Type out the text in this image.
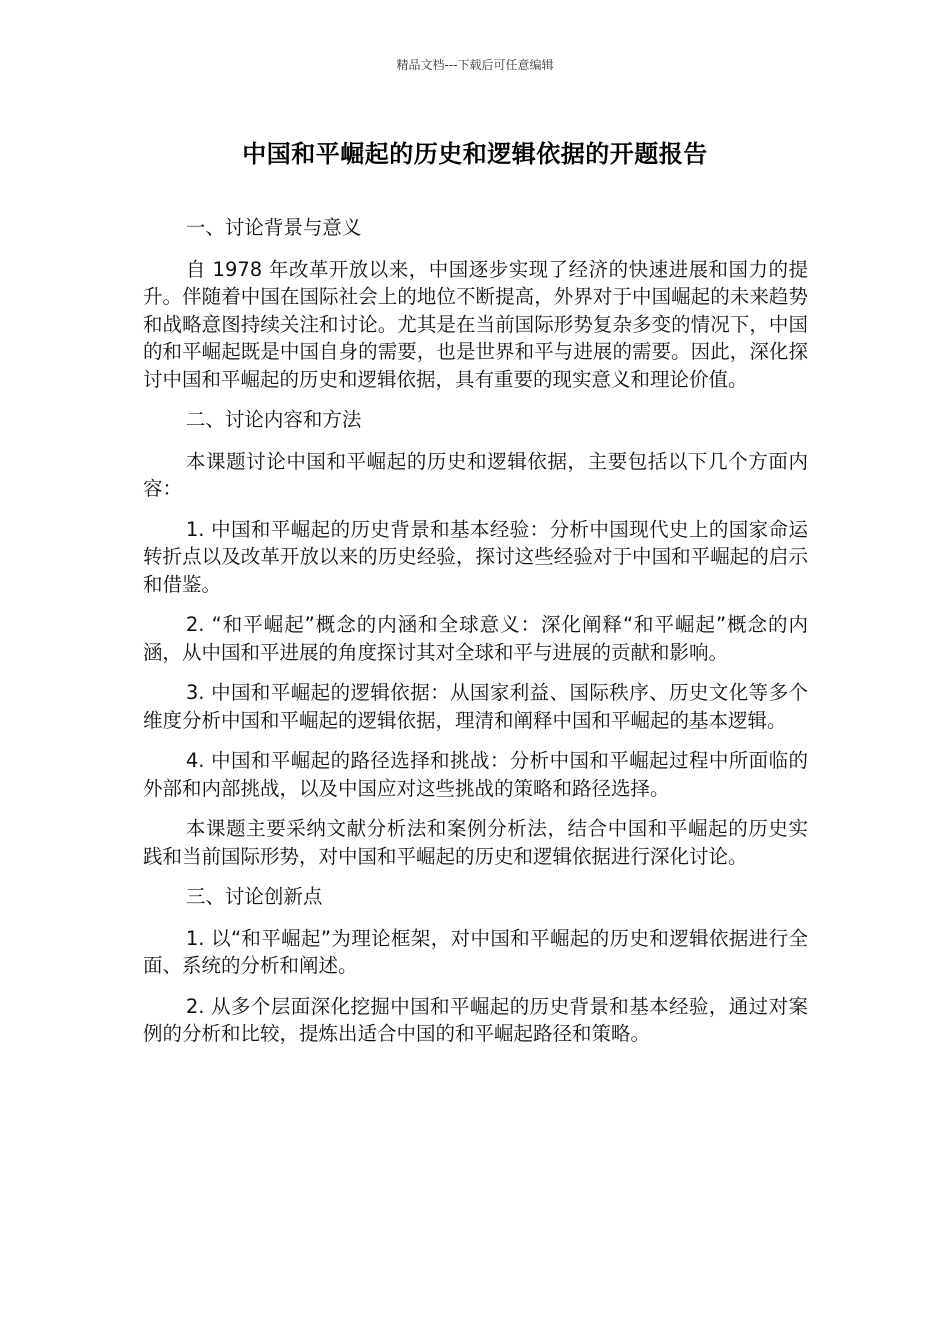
精品文档---下载后可任意编辑
中国和平崛起的历史和逻辑依据的开题报告

一、讨论背景与意义

自 1978 年改革开放以来，中国逐步实现了经济的快速进展和国力的提升。伴随着中国在国际社会上的地位不断提高，外界对于中国崛起的未来趋势和战略意图持续关注和讨论。尤其是在当前国际形势复杂多变的情况下，中国的和平崛起既是中国自身的需要，也是世界和平与进展的需要。因此，深化探讨中国和平崛起的历史和逻辑依据，具有重要的现实意义和理论价值。

二、讨论内容和方法

本课题讨论中国和平崛起的历史和逻辑依据，主要包括以下几个方面内容：

1. 中国和平崛起的历史背景和基本经验：分析中国现代史上的国家命运转折点以及改革开放以来的历史经验，探讨这些经验对于中国和平崛起的启示和借鉴。

2. “和平崛起”概念的内涵和全球意义：深化阐释“和平崛起”概念的内涵，从中国和平进展的角度探讨其对全球和平与进展的贡献和影响。

3. 中国和平崛起的逻辑依据：从国家利益、国际秩序、历史文化等多个维度分析中国和平崛起的逻辑依据，理清和阐释中国和平崛起的基本逻辑。

4. 中国和平崛起的路径选择和挑战：分析中国和平崛起过程中所面临的外部和内部挑战，以及中国应对这些挑战的策略和路径选择。

本课题主要采纳文献分析法和案例分析法，结合中国和平崛起的历史实践和当前国际形势，对中国和平崛起的历史和逻辑依据进行深化讨论。

三、讨论创新点

1. 以“和平崛起”为理论框架，对中国和平崛起的历史和逻辑依据进行全面、系统的分析和阐述。

2. 从多个层面深化挖掘中国和平崛起的历史背景和基本经验，通过对案例的分析和比较，提炼出适合中国的和平崛起路径和策略。
